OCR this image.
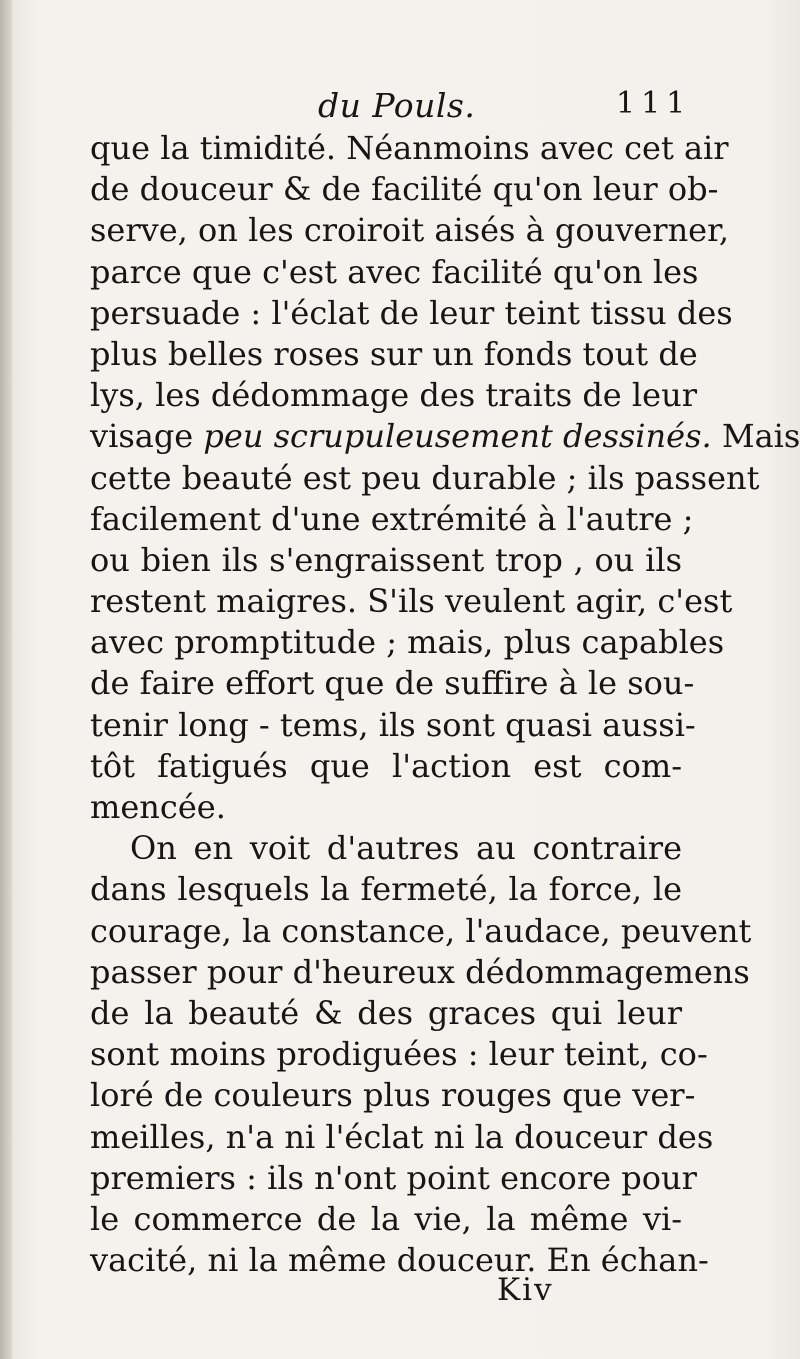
du Pouls.	111
que la timidité. Néanmoins avec cet air
de douceur & de facilité qu'on leur ob-
serve, on les croiroit aisés à gouverner,
parce que c'est avec facilité qu'on les
persuade : l'éclat de leur teint tissu des
plus belles roses sur un fonds tout de
lys, les dédommage des traits de leur
visage peu scrupuleusement dessinés. Mais
cette beauté est peu durable ; ils passent
facilement d'une extrémité à l'autre ;
ou bien ils s'engraissent trop , ou ils
restent maigres. S'ils veulent agir, c'est
avec promptitude ; mais, plus capables
de faire effort que de suffire à le sou-
tenir long - tems, ils sont quasi aussi-
tôt fatigués que l'action est com-
mencée.
On en voit d'autres au contraire
dans lesquels la fermeté, la force, le
courage, la constance, l'audace, peuvent
passer pour d'heureux dédommagemens
de la beauté & des graces qui leur
sont moins prodiguées : leur teint, co-
loré de couleurs plus rouges que ver-
meilles, n'a ni l'éclat ni la douceur des
premiers : ils n'ont point encore pour
le commerce de la vie, la même vi-
vacité, ni la même douceur. En échan-
Kiv
